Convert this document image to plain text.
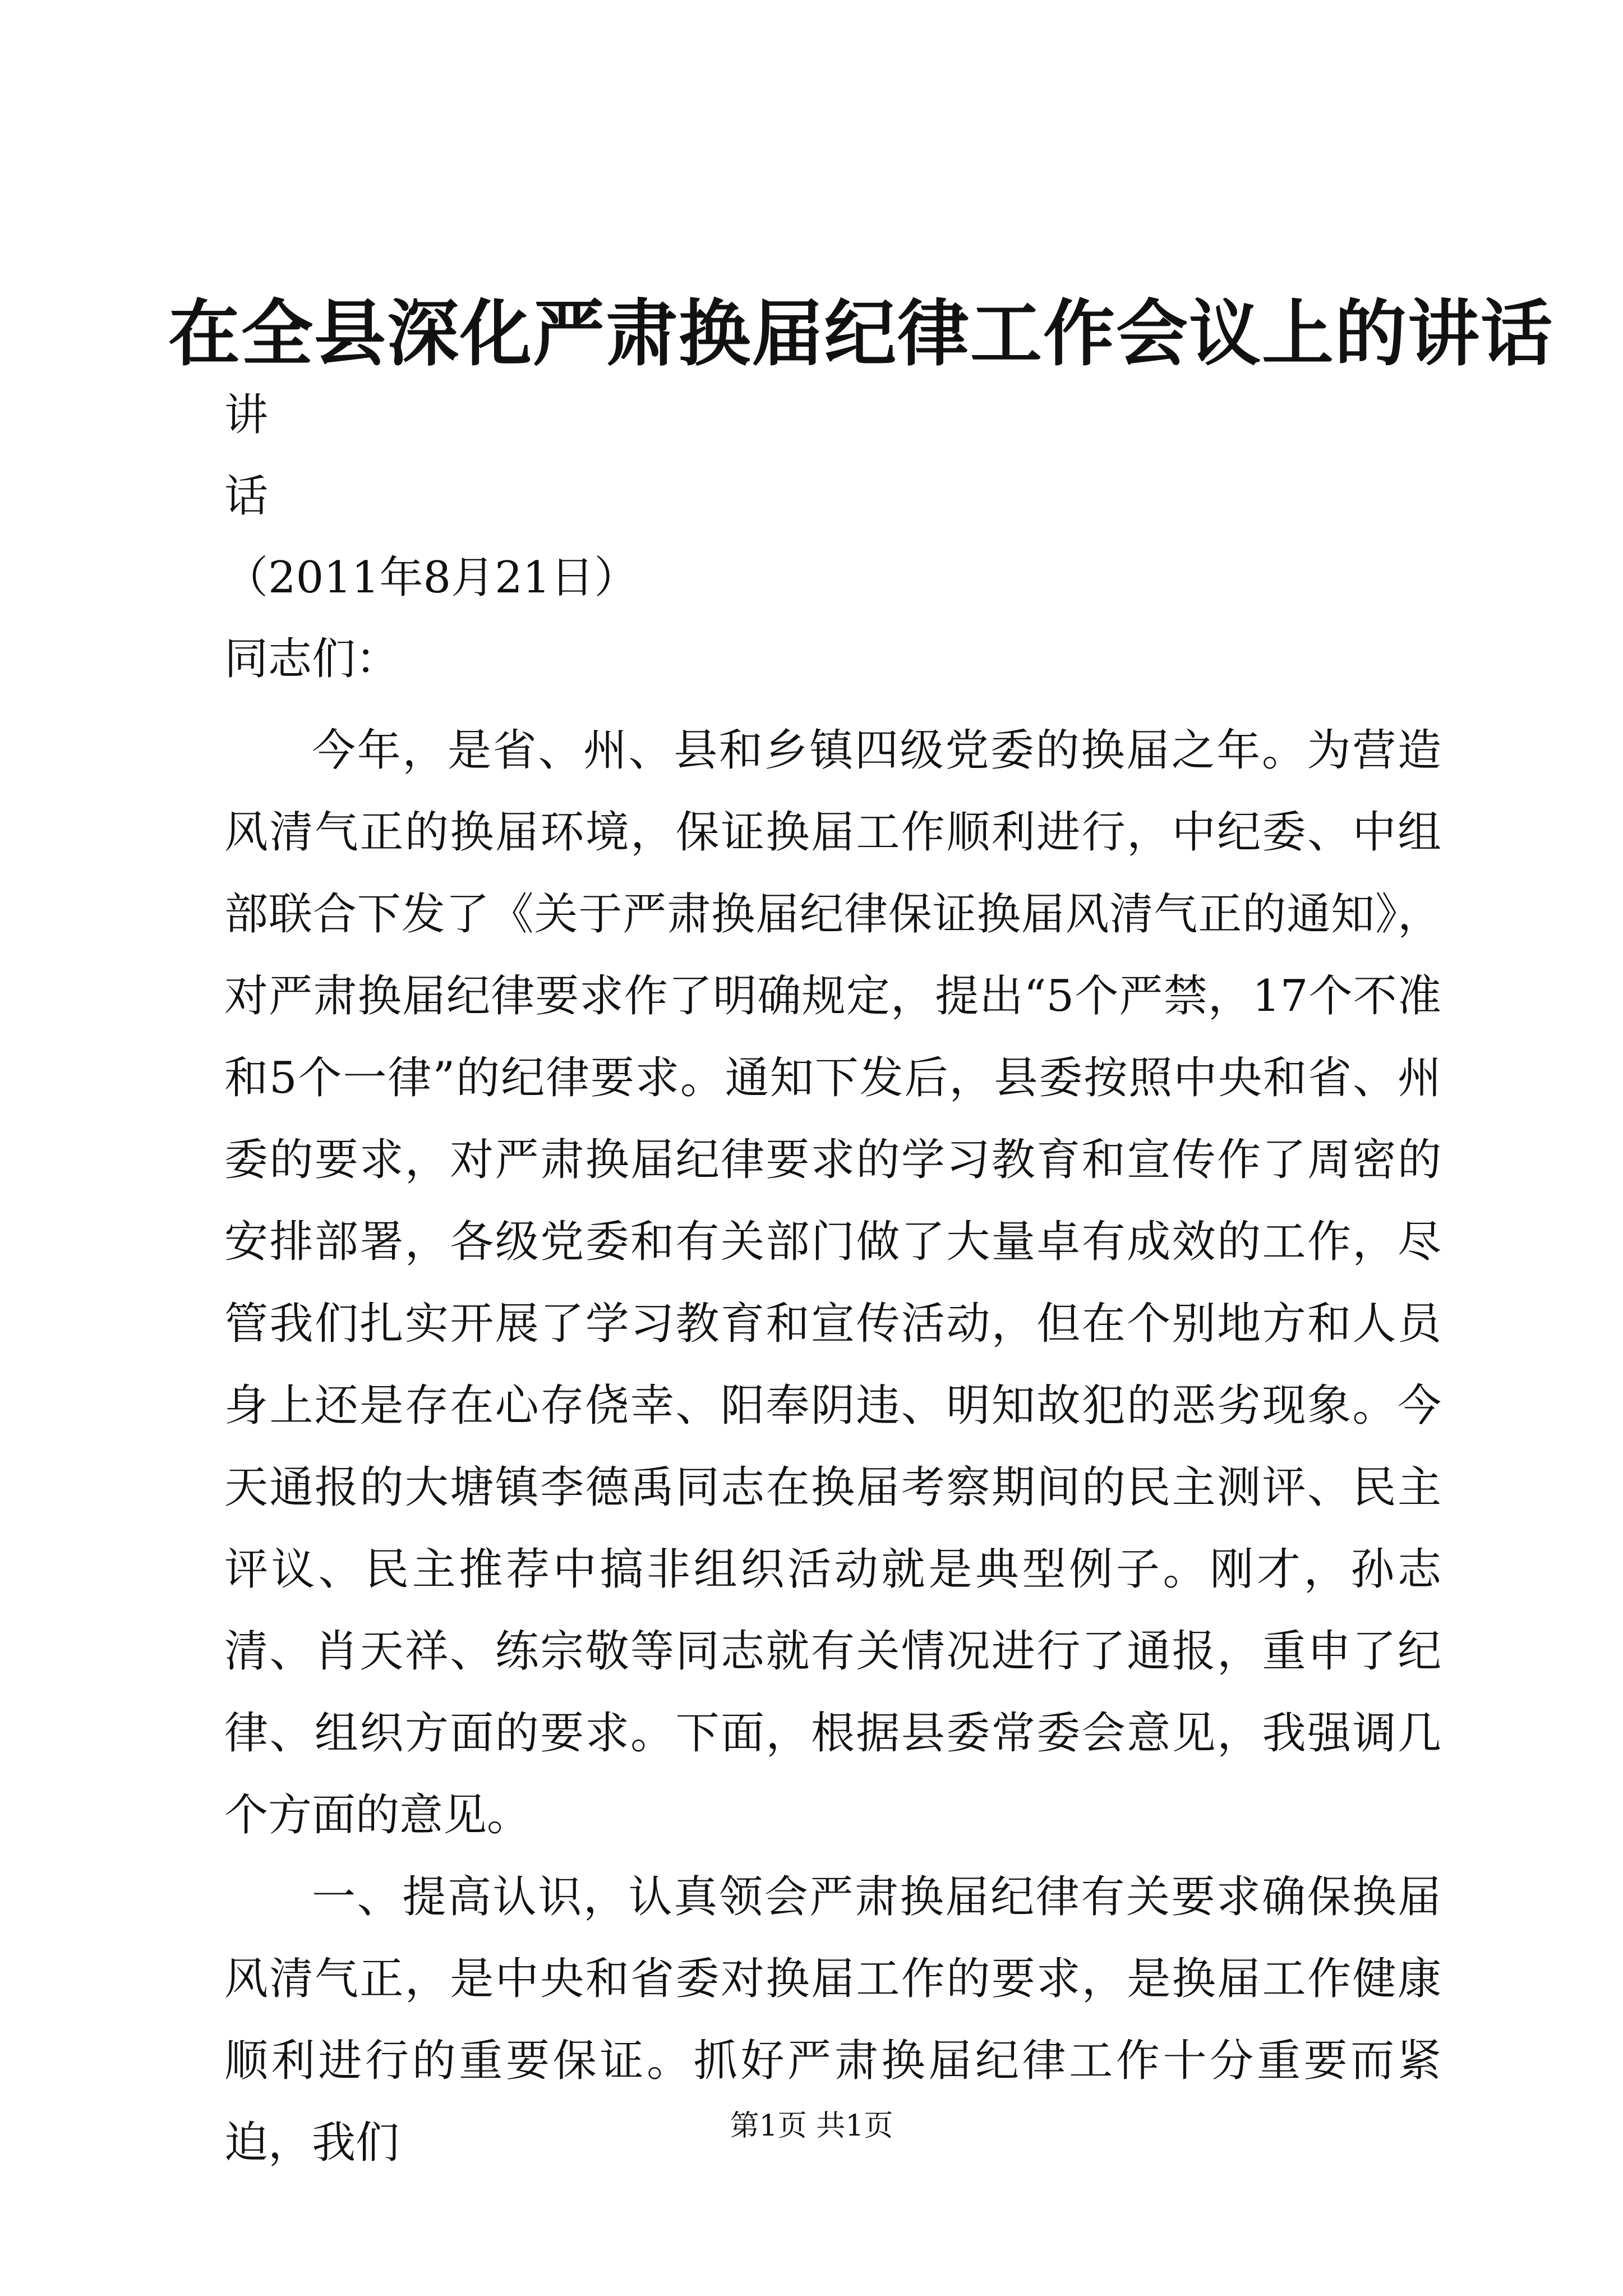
在全县深化严肃换届纪律工作会议上的讲话
讲
话
（2011年8月21日）
同志们：

今年，是省、州、县和乡镇四级党委的换届之年。为营造风清气正的换届环境，保证换届工作顺利进行，中纪委、中组部联合下发了《关于严肃换届纪律保证换届风清气正的通知》，对严肃换届纪律要求作了明确规定，提出“5个严禁，17个不准和5个一律”的纪律要求。通知下发后，县委按照中央和省、州委的要求，对严肃换届纪律要求的学习教育和宣传作了周密的安排部署，各级党委和有关部门做了大量卓有成效的工作，尽管我们扎实开展了学习教育和宣传活动，但在个别地方和人员身上还是存在心存侥幸、阳奉阴违、明知故犯的恶劣现象。今天通报的大塘镇李德禹同志在换届考察期间的民主测评、民主评议、民主推荐中搞非组织活动就是典型例子。刚才，孙志清、肖天祥、练宗敬等同志就有关情况进行了通报，重申了纪律、组织方面的要求。下面，根据县委常委会意见，我强调几个方面的意见。

一、提高认识，认真领会严肃换届纪律有关要求确保换届风清气正，是中央和省委对换届工作的要求，是换届工作健康顺利进行的重要保证。抓好严肃换届纪律工作十分重要而紧迫，我们	第1页 共1页
